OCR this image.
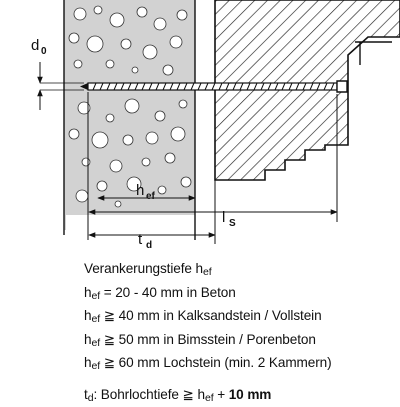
d 0
h ef
l S
t d
Verankerungstiefe hef
hef = 20 - 40 mm in Beton
hef ≧ 40 mm in Kalksandstein / Vollstein
hef ≧ 50 mm in Bimsstein / Porenbeton
hef ≧ 60 mm Lochstein (min. 2 Kammern)
td: Bohrlochtiefe ≧ hef + 10 mm
